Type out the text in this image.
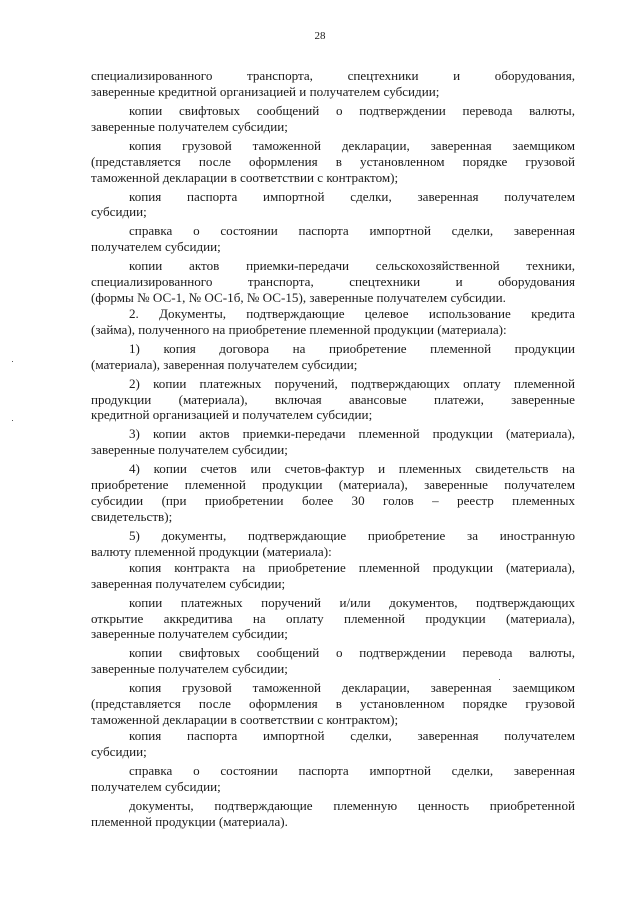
28
специализированного транспорта, спецтехники и оборудования,
заверенные кредитной организацией и получателем субсидии;
копии свифтовых сообщений о подтверждении перевода валюты,
заверенные получателем субсидии;
копия грузовой таможенной декларации, заверенная заемщиком
(представляется после оформления в установленном порядке грузовой
таможенной декларации в соответствии с контрактом);
копия паспорта импортной сделки, заверенная получателем
субсидии;
справка о состоянии паспорта импортной сделки, заверенная
получателем субсидии;
копии актов приемки-передачи сельскохозяйственной техники,
специализированного транспорта, спецтехники и оборудования
(формы № ОС-1, № ОС-1б, № ОС-15), заверенные получателем субсидии.
2. Документы, подтверждающие целевое использование кредита
(займа), полученного на приобретение племенной продукции (материала):
1) копия договора на приобретение племенной продукции
(материала), заверенная получателем субсидии;
2) копии платежных поручений, подтверждающих оплату племенной
продукции (материала), включая авансовые платежи, заверенные
кредитной организацией и получателем субсидии;
3) копии актов приемки-передачи племенной продукции (материала),
заверенные получателем субсидии;
4) копии счетов или счетов-фактур и племенных свидетельств на
приобретение племенной продукции (материала), заверенные получателем
субсидии (при приобретении более 30 голов – реестр племенных
свидетельств);
5) документы, подтверждающие приобретение за иностранную
валюту племенной продукции (материала):
копия контракта на приобретение племенной продукции (материала),
заверенная получателем субсидии;
копии платежных поручений и/или документов, подтверждающих
открытие аккредитива на оплату племенной продукции (материала),
заверенные получателем субсидии;
копии свифтовых сообщений о подтверждении перевода валюты,
заверенные получателем субсидии;
копия грузовой таможенной декларации, заверенная заемщиком
(представляется после оформления в установленном порядке грузовой
таможенной декларации в соответствии с контрактом);
копия паспорта импортной сделки, заверенная получателем
субсидии;
справка о состоянии паспорта импортной сделки, заверенная
получателем субсидии;
документы, подтверждающие племенную ценность приобретенной
племенной продукции (материала).
